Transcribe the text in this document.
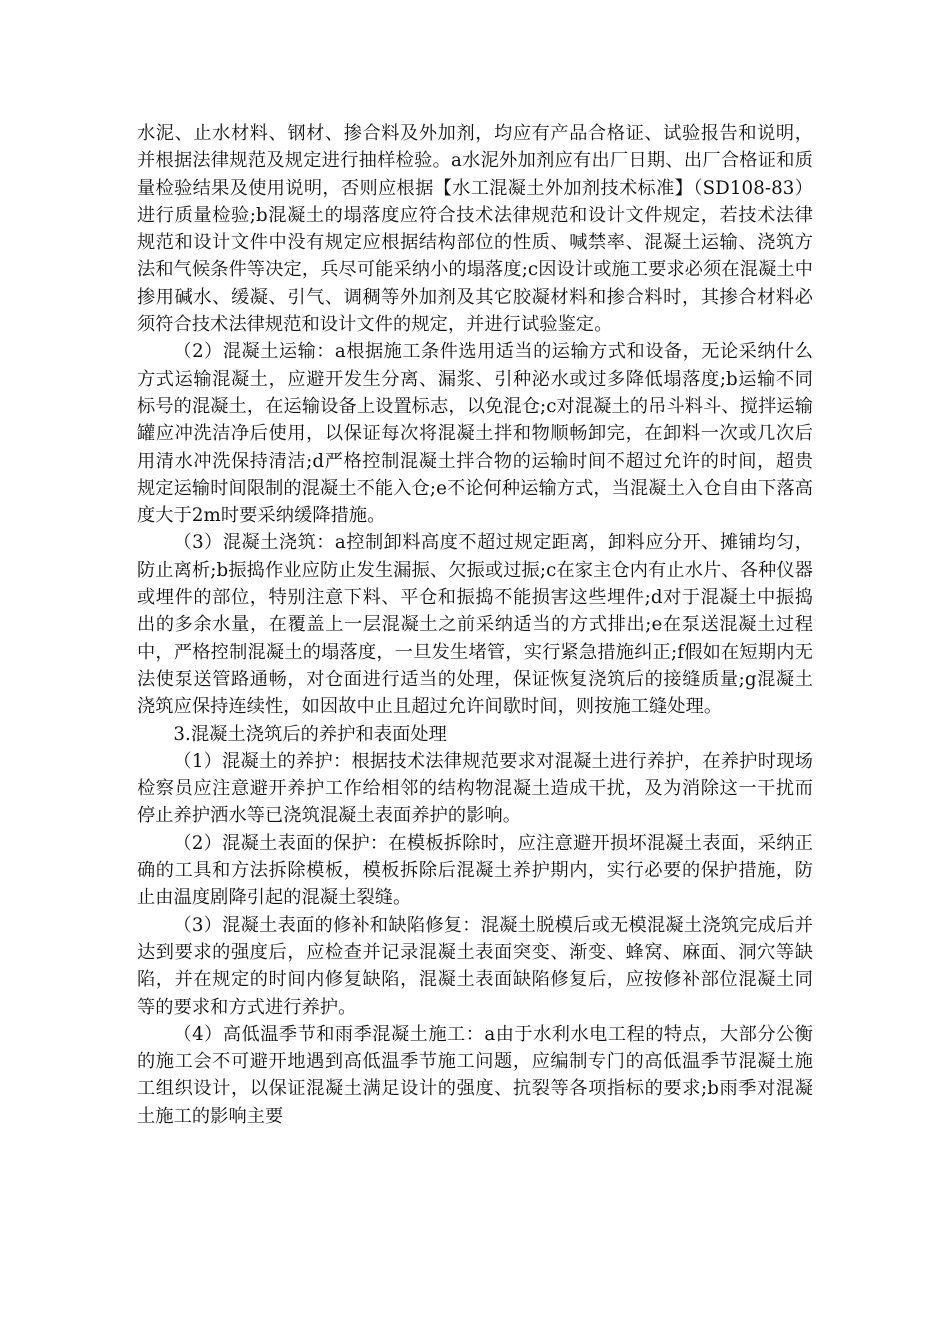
水泥、止水材料、钢材、掺合料及外加剂，均应有产品合格证、试验报告和说明，并根据法律规范及规定进行抽样检验。a水泥外加剂应有出厂日期、出厂合格证和质量检验结果及使用说明，否则应根据【水工混凝土外加剂技术标准】（SD108-83）进行质量检验;b混凝土的塌落度应符合技术法律规范和设计文件规定，若技术法律规范和设计文件中没有规定应根据结构部位的性质、喊禁率、混凝土运输、浇筑方法和气候条件等决定，兵尽可能采纳小的塌落度;c因设计或施工要求必须在混凝土中掺用碱水、缓凝、引气、调稠等外加剂及其它胶凝材料和掺合料时，其掺合材料必须符合技术法律规范和设计文件的规定，并进行试验鉴定。

（2）混凝土运输：a根据施工条件选用适当的运输方式和设备，无论采纳什么方式运输混凝土，应避开发生分离、漏浆、引种泌水或过多降低塌落度;b运输不同标号的混凝土，在运输设备上设置标志，以免混仓;c对混凝土的吊斗料斗、搅拌运输罐应冲洗洁净后使用，以保证每次将混凝土拌和物顺畅卸完，在卸料一次或几次后用清水冲洗保持清洁;d严格控制混凝土拌合物的运输时间不超过允许的时间，超贵规定运输时间限制的混凝土不能入仓;e不论何种运输方式，当混凝土入仓自由下落高度大于2m时要采纳缓降措施。

（3）混凝土浇筑：a控制卸料高度不超过规定距离，卸料应分开、摊铺均匀，防止离析;b振捣作业应防止发生漏振、欠振或过振;c在家主仓内有止水片、各种仪器或埋件的部位，特别注意下料、平仓和振捣不能损害这些埋件;d对于混凝土中振捣出的多余水量，在覆盖上一层混凝土之前采纳适当的方式排出;e在泵送混凝土过程中，严格控制混凝土的塌落度，一旦发生堵管，实行紧急措施纠正;f假如在短期内无法使泵送管路通畅，对仓面进行适当的处理，保证恢复浇筑后的接缝质量;g混凝土浇筑应保持连续性，如因故中止且超过允许间歇时间，则按施工缝处理。

3.混凝土浇筑后的养护和表面处理

（1）混凝土的养护：根据技术法律规范要求对混凝土进行养护，在养护时现场检察员应注意避开养护工作给相邻的结构物混凝土造成干扰，及为消除这一干扰而停止养护洒水等已浇筑混凝土表面养护的影响。

（2）混凝土表面的保护：在模板拆除时，应注意避开损坏混凝土表面，采纳正确的工具和方法拆除模板，模板拆除后混凝土养护期内，实行必要的保护措施，防止由温度剧降引起的混凝土裂缝。

（3）混凝土表面的修补和缺陷修复：混凝土脱模后或无模混凝土浇筑完成后并达到要求的强度后，应检查并记录混凝土表面突变、渐变、蜂窝、麻面、洞穴等缺陷，并在规定的时间内修复缺陷，混凝土表面缺陷修复后，应按修补部位混凝土同等的要求和方式进行养护。

（4）高低温季节和雨季混凝土施工：a由于水利水电工程的特点，大部分公衡的施工会不可避开地遇到高低温季节施工问题，应编制专门的高低温季节混凝土施工组织设计，以保证混凝土满足设计的强度、抗裂等各项指标的要求;b雨季对混凝土施工的影响主要
